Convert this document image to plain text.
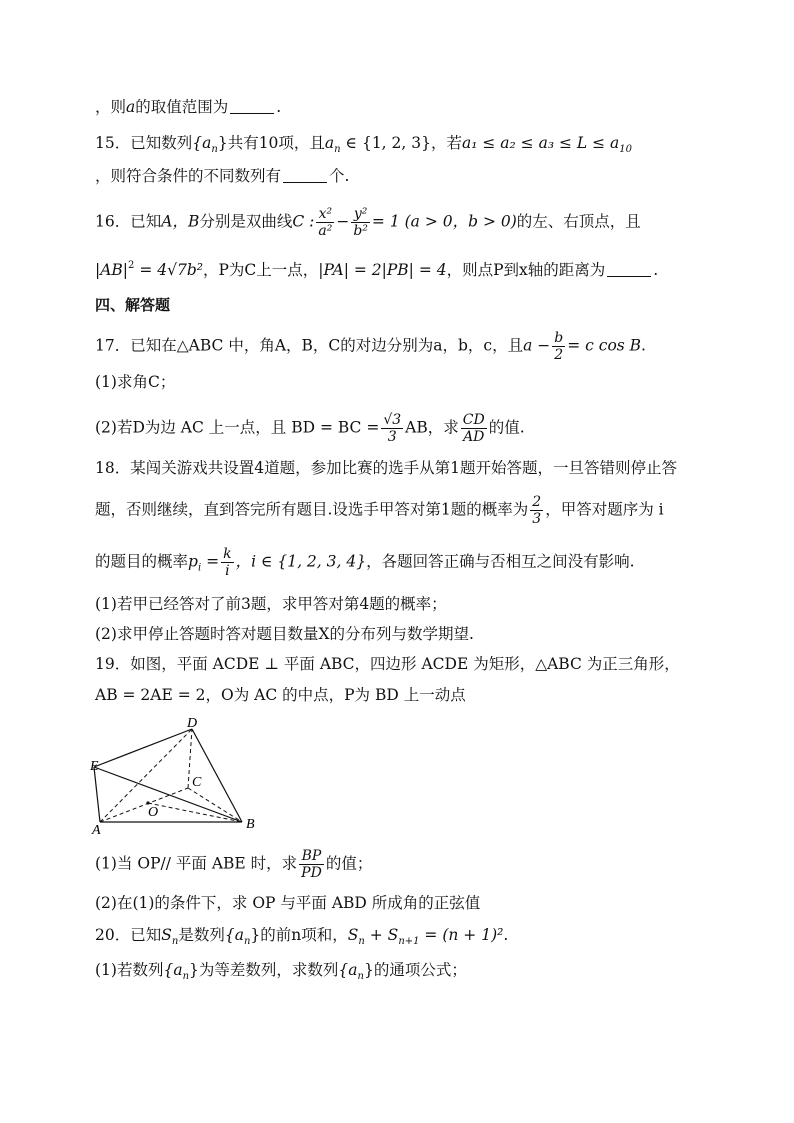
，则a的取值范围为	.
15．已知数列$\{a_n\}$共有10项，且$a_n$ ∈ {1, 2, 3}，若$a_1 \le a_2 \le a_3 \le L \le a_{10}$
，则符合条件的不同数列有	个.
16．已知A，B分别是双曲线C : $\frac{\text{x²}}{\text{a²}} - \frac{\text{y²}}{\text{b²}} = 1$ (a > 0，b > 0)的左、右顶点，且
$|AB|^2 = 4√7b^2$，P为C上一点，|PA| = 2|PB| = 4，则点P到x轴的距离为	.
四、解答题
17．已知在△ABC 中，角A，B，C的对边分别为a，b，c，且$a - \frac{b}{2} = c$ cos B.
(1)求角C；
(2)若D为边 AC 上一点，且 BD = BC = $\frac{√3}{3}$ AB，求 $\frac{CD}{AD}$ 的值.
18．某闯关游戏共设置4道题，参加比赛的选手从第1题开始答题，一旦答错则停止答
题，否则继续，直到答完所有题目.设选手甲答对第1题的概率为 $\frac{2}{3}$ ，甲答对题序为 i
的题目的概率$p_i = \frac{k}{i}$ ，i ∈ {1, 2, 3, 4}，各题回答正确与否相互之间没有影响.
(1)若甲已经答对了前3题，求甲答对第4题的概率；
(2)求甲停止答题时答对题目数量X的分布列与数学期望.
19．如图，平面 ACDE ⊥ 平面 ABC，四边形 ACDE 为矩形，△ABC 为正三角形，
AB = 2AE = 2，O为 AC 的中点，P为 BD 上一动点
D
E
C
O
A	B
(1)当 OP// 平面 ABE 时，求 $\frac{BP}{PD}$ 的值；
(2)在(1)的条件下，求 OP 与平面 ABD 所成角的正弦值
20．已知$S_n$是数列$\{a_n\}$的前n项和，$S_n + S_{n+1} = (n + 1)^2$.
(1)若数列$\{a_n\}$为等差数列，求数列$\{a_n\}$的通项公式；
